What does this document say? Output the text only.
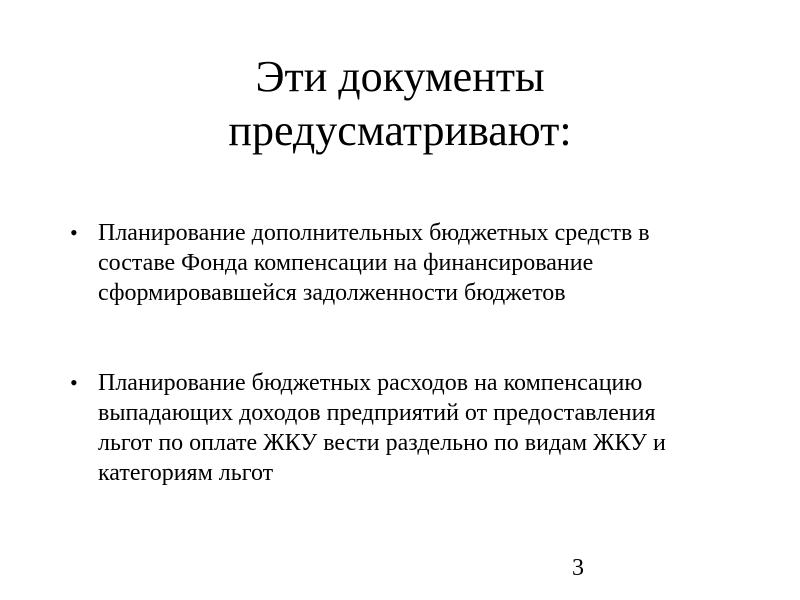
Эти документы
предусматривают:
• Планирование дополнительных бюджетных средств в
составе Фонда компенсации на финансирование
сформировавшейся задолженности бюджетов
• Планирование бюджетных расходов на компенсацию
выпадающих доходов предприятий от предоставления
льгот по оплате ЖКУ вести раздельно по видам ЖКУ и
категориям льгот
3
